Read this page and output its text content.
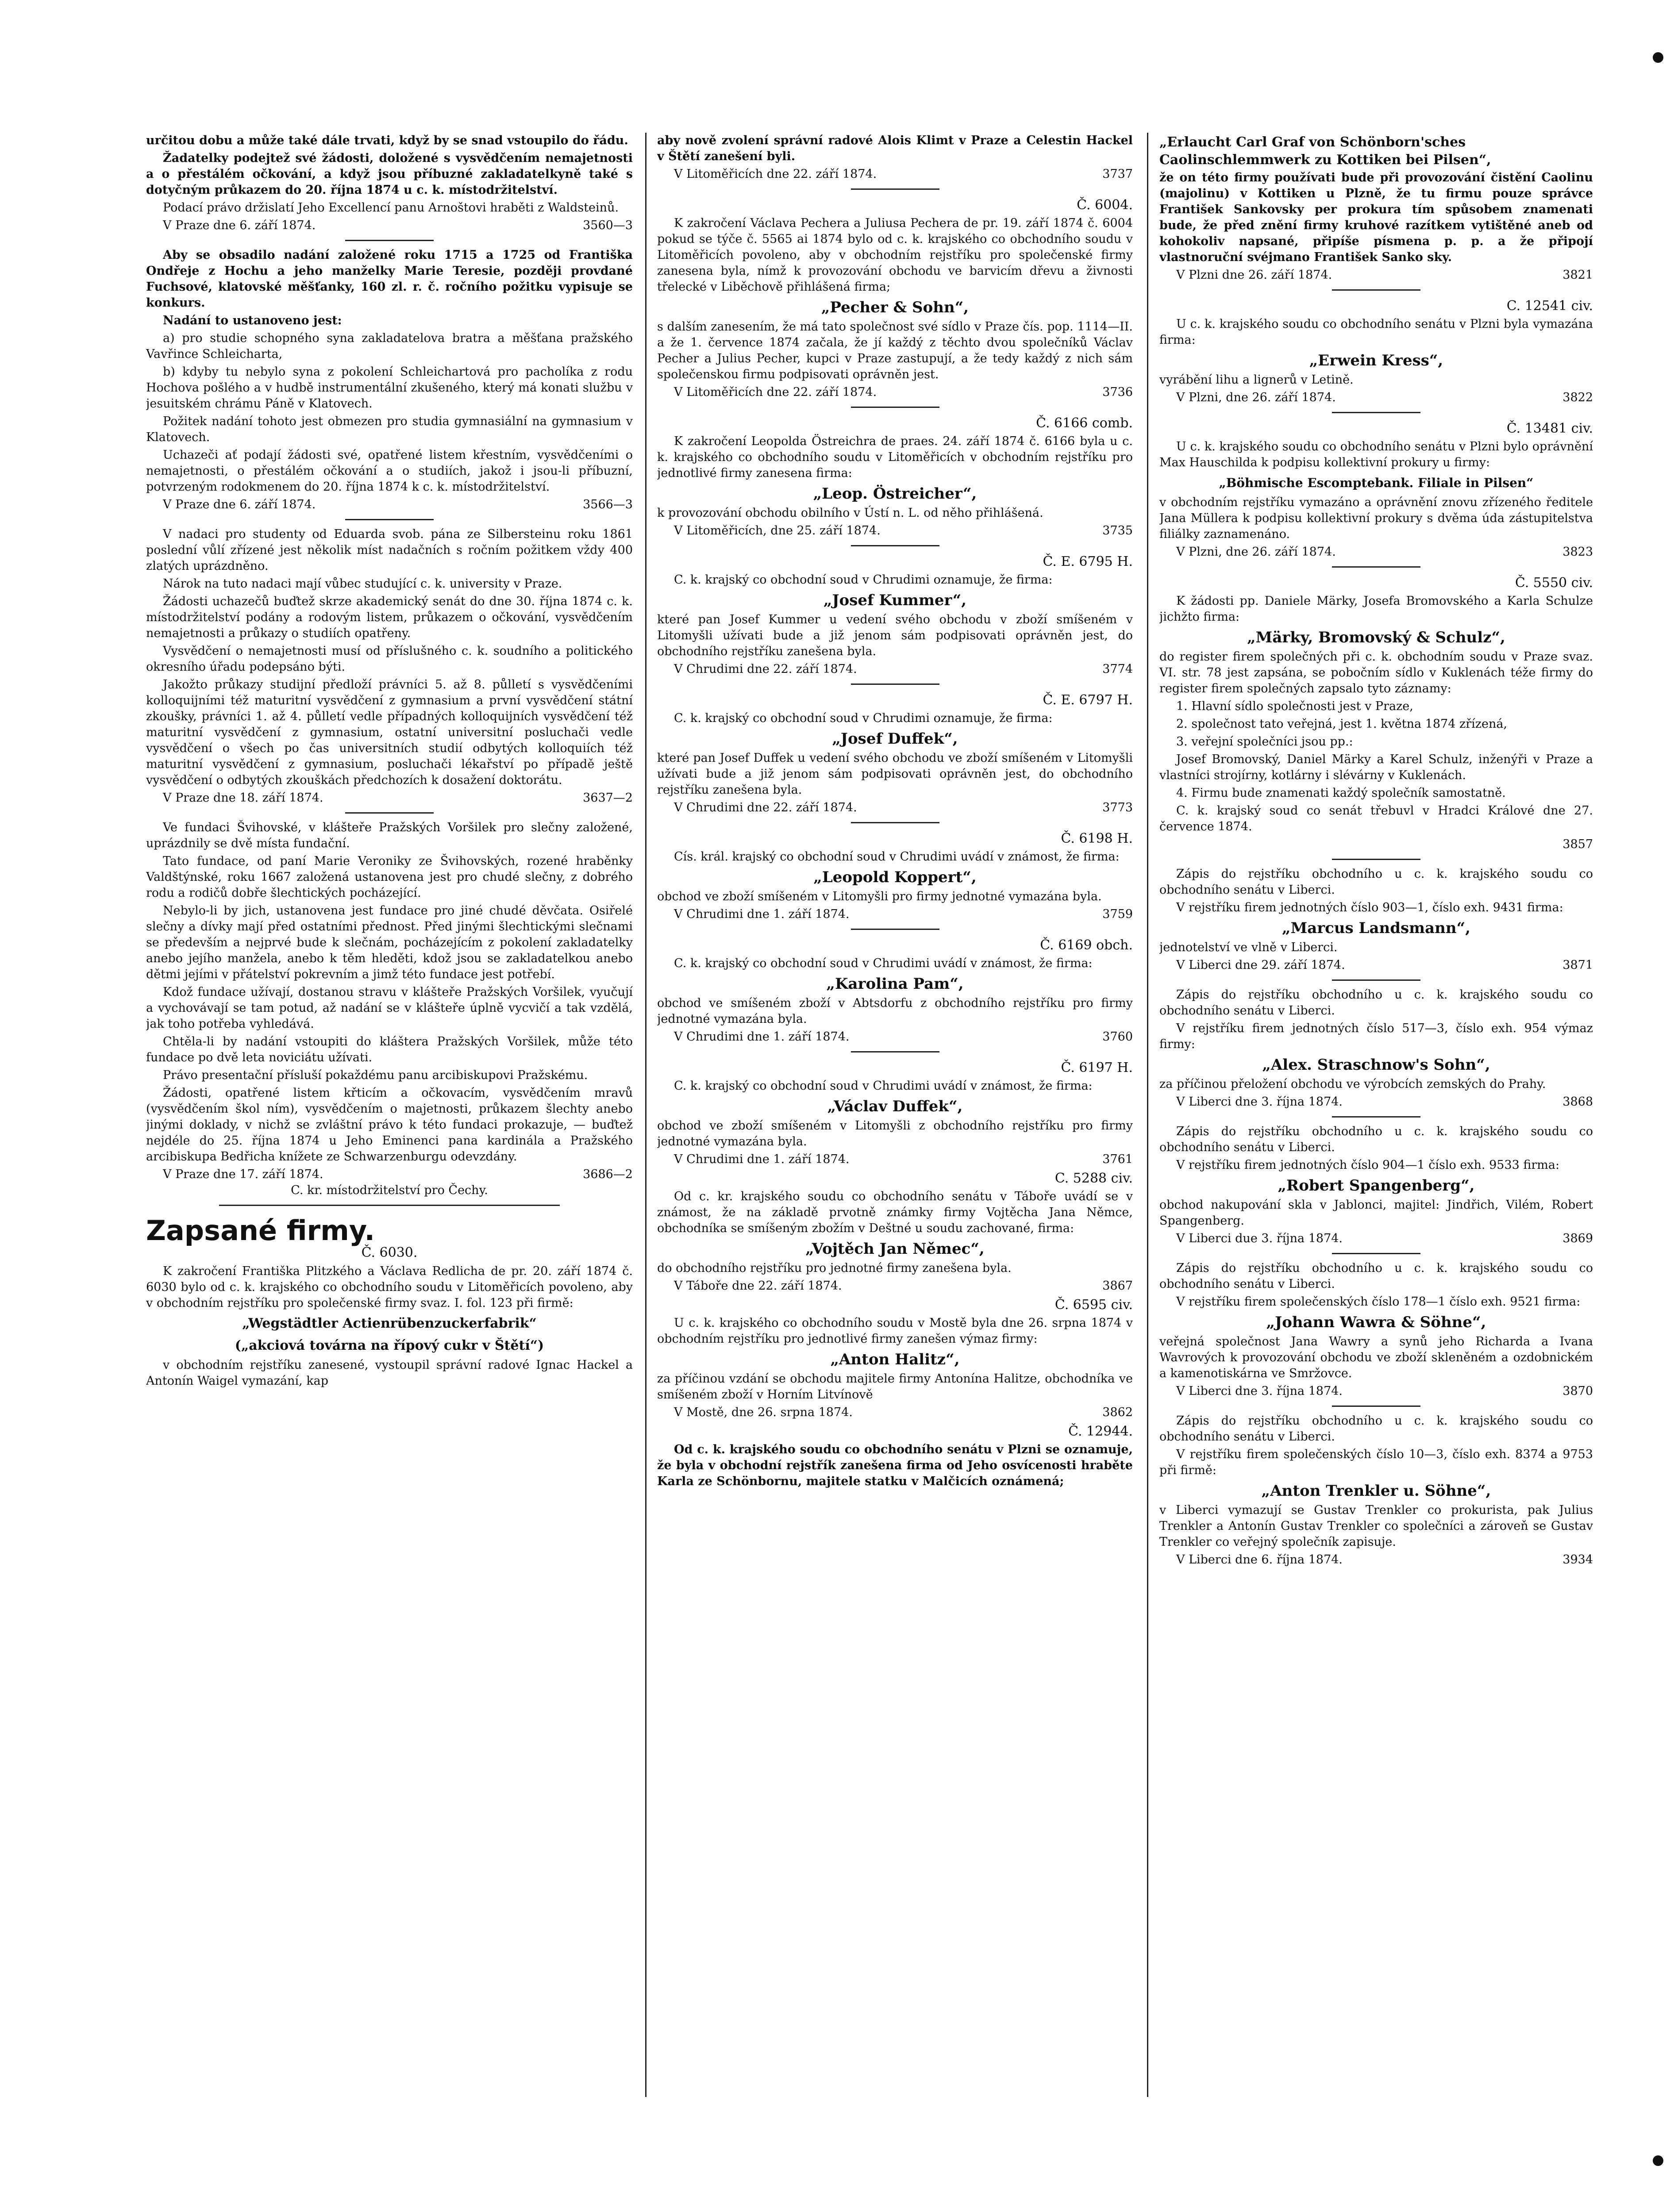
určitou dobu a může také dále trvati, když by se snad vstoupilo do řádu.

Žadatelky podejtež své žádosti, doložené s vysvědčením nemajetnosti a o přestálém očkování, a když jsou příbuzné zakladatelkyně také s dotyčným průkazem do 20. října 1874 u c. k. místodržitelství.

Podací právo držislatí Jeho Excellencí panu Arnoštovi hraběti z Waldsteinů.

V Praze dne 6. září 1874.	3560—3

Aby se obsadilo nadání založené roku 1715 a 1725 od Františka Ondřeje z Hochu a jeho manželky Marie Teresie, později provdané Fuchsové, klatovské měšťanky, 160 zl. r. č. ročního požitku vypisuje se konkurs.

Nadání to ustanoveno jest:

a) pro studie schopného syna zakladatelova bratra a měšťana pražského Vavřince Schleicharta,

b) kdyby tu nebylo syna z pokolení Schleichartová pro pacholíka z rodu Hochova pošlého a v hudbě instrumentální zkušeného, který má konati službu v jesuitském chrámu Páně v Klatovech.

Požitek nadání tohoto jest obmezen pro studia gymnasiální na gymnasium v Klatovech.

Uchazeči ať podají žádosti své, opatřené listem křestním, vysvědčeními o nemajetnosti, o přestálém očkování a o studiích, jakož i jsou-li příbuzní, potvrzeným rodokmenem do 20. října 1874 k c. k. místodržitelství.

V Praze dne 6. září 1874.	3566—3

V nadaci pro studenty od Eduarda svob. pána ze Silbersteinu roku 1861 poslední vůlí zřízené jest několik míst nadačních s ročním požitkem vždy 400 zlatých uprázdněno.

Nárok na tuto nadaci mají vůbec studující c. k. university v Praze.

Žádosti uchazečů buďtež skrze akademický senát do dne 30. října 1874 c. k. místodržitelství podány a rodovým listem, průkazem o očkování, vysvědčením nemajetnosti a průkazy o studiích opatřeny.

Vysvědčení o nemajetnosti musí od příslušného c. k. soudního a politického okresního úřadu podepsáno býti.

Jakožto průkazy studijní předloží právníci 5. až 8. půlletí s vysvědčeními kolloquijními též maturitní vysvědčení z gymnasium a první vysvědčení státní zkoušky, právníci 1. až 4. půlletí vedle případných kolloquijních vysvědčení též maturitní vysvědčení z gymnasium, ostatní universitní posluchači vedle vysvědčení o všech po čas universitních studií odbytých kolloquiích též maturitní vysvědčení z gymnasium, posluchači lékařství po případě ještě vysvědčení o odbytých zkouškách předchozích k dosažení doktorátu.

V Praze dne 18. září 1874.	3637—2

Ve fundaci Švihovské, v klášteře Pražských Voršilek pro slečny založené, uprázdnily se dvě místa fundační.

Tato fundace, od paní Marie Veroniky ze Švihovských, rozené hraběnky Valdštýnské, roku 1667 založená ustanovena jest pro chudé slečny, z dobrého rodu a rodičů dobře šlechtických pocházející.

Nebylo-li by jich, ustanovena jest fundace pro jiné chudé děvčata. Osiřelé slečny a dívky mají před ostatními přednost. Před jinými šlechtickými slečnami se především a nejprvé bude k slečnám, pocházejícím z pokolení zakladatelky anebo jejího manžela, anebo k těm hleděti, kdož jsou se zakladatelkou anebo dětmi jejími v přátelství pokrevním a jimž této fundace jest potřebí.

Kdož fundace užívají, dostanou stravu v klášteře Pražských Voršilek, vyučují a vychovávají se tam potud, až nadání se v klášteře úplně vycvičí a tak vzdělá, jak toho potřeba vyhledává.

Chtěla-li by nadání vstoupiti do kláštera Pražských Voršilek, může této fundace po dvě leta noviciátu užívati.

Právo presentační přísluší pokaždému panu arcibiskupovi Pražskému.

Žádosti, opatřené listem křticím a očkovacím, vysvědčením mravů (vysvědčením škol ním), vysvědčením o majetnosti, průkazem šlechty anebo jinými doklady, v nichž se zvláštní právo k této fundaci prokazuje, — buďtež nejdéle do 25. října 1874 u Jeho Eminenci pana kardinála a Pražského arcibiskupa Bedřicha knížete ze Schwarzenburgu odevzdány.

V Praze dne 17. září 1874.	3686—2

C. kr. místodržitelství pro Čechy.

Zapsané firmy.
Č. 6030.

K zakročení Františka Plitzkého a Václava Redlicha de pr. 20. září 1874 č. 6030 bylo od c. k. krajského co obchodního soudu v Litoměřicích povoleno, aby v obchodním rejstříku pro společenské firmy svaz. I. fol. 123 při firmě:

„Wegstädtler Actienrübenzuckerfabrik“
(„akciová továrna na řípový cukr v Štětí“)

v obchodním rejstříku zanesené, vystoupil správní radové Ignac Hackel a Antonín Waigel vymazání, kap

aby nově zvolení správní radové Alois Klimt v Praze a Celestin Hackel v Štětí zanešení byli.

V Litoměřicích dne 22. září 1874.	3737
Č. 6004.

K zakročení Václava Pechera a Juliusa Pechera de pr. 19. září 1874 č. 6004 pokud se týče č. 5565 ai 1874 bylo od c. k. krajského co obchodního soudu v Litoměřicích povoleno, aby v obchodním rejstříku pro společenské firmy zanesena byla, nímž k provozování obchodu ve barvicím dřevu a živnosti třelecké v Liběchově přihlášená firma;

„Pecher & Sohn“,

s dalším zanesením, že má tato společnost své sídlo v Praze čís. pop. 1114—II. a že 1. července 1874 začala, že jí každý z těchto dvou společníků Václav Pecher a Julius Pecher, kupci v Praze zastupují, a že tedy každý z nich sám společenskou firmu podpisovati oprávněn jest.

V Litoměřicích dne 22. září 1874.	3736
Č. 6166 comb.

K zakročení Leopolda Östreichra de praes. 24. září 1874 č. 6166 byla u c. k. krajského co obchodního soudu v Litoměřicích v obchodním rejstříku pro jednotlivé firmy zanesena firma:

„Leop. Östreicher“,

k provozování obchodu obilního v Ústí n. L. od něho přihlášená.

V Litoměřicích, dne 25. září 1874.	3735
Č. E. 6795 H.

C. k. krajský co obchodní soud v Chrudimi oznamuje, že firma:

„Josef Kummer“,

které pan Josef Kummer u vedení svého obchodu v zboží smíšeném v Litomyšli užívati bude a již jenom sám podpisovati oprávněn jest, do obchodního rejstříku zanešena byla.

V Chrudimi dne 22. září 1874.	3774
Č. E. 6797 H.

C. k. krajský co obchodní soud v Chrudimi oznamuje, že firma:

„Josef Duffek“,

které pan Josef Duffek u vedení svého obchodu ve zboží smíšeném v Litomyšli užívati bude a již jenom sám podpisovati oprávněn jest, do obchodního rejstříku zanešena byla.

V Chrudimi dne 22. září 1874.	3773
Č. 6198 H.

Cís. král. krajský co obchodní soud v Chrudimi uvádí v známost, že firma:

„Leopold Koppert“,

obchod ve zboží smíšeném v Litomyšli pro firmy jednotné vymazána byla.

V Chrudimi dne 1. září 1874.	3759
Č. 6169 obch.

C. k. krajský co obchodní soud v Chrudimi uvádí v známost, že firma:

„Karolina Pam“,

obchod ve smíšeném zboží v Abtsdorfu z obchodního rejstříku pro firmy jednotné vymazána byla.

V Chrudimi dne 1. září 1874.	3760
Č. 6197 H.

C. k. krajský co obchodní soud v Chrudimi uvádí v známost, že firma:

„Václav Duffek“,

obchod ve zboží smíšeném v Litomyšli z obchodního rejstříku pro firmy jednotné vymazána byla.

V Chrudimi dne 1. září 1874.	3761
C. 5288 civ.

Od c. kr. krajského soudu co obchodního senátu v Táboře uvádí se v známost, že na základě prvotně známky firmy Vojtěcha Jana Němce, obchodníka se smíšeným zbožím v Deštné u soudu zachované, firma:

„Vojtěch Jan Němec“,

do obchodního rejstříku pro jednotné firmy zanešena byla.

V Táboře dne 22. září 1874.	3867
Č. 6595 civ.

U c. k. krajského co obchodního soudu v Mostě byla dne 26. srpna 1874 v obchodním rejstříku pro jednotlivé firmy zanešen výmaz firmy:

„Anton Halitz“,

za příčinou vzdání se obchodu majitele firmy Antonína Halitze, obchodníka ve smíšeném zboží v Horním Litvínově

V Mostě, dne 26. srpna 1874.	3862
Č. 12944.

Od c. k. krajského soudu co obchodního senátu v Plzni se oznamuje, že byla v obchodní rejstřík zanešena firma od Jeho osvícenosti hraběte Karla ze Schönbornu, majitele statku v Malčicích oznámená;

„Erlaucht Carl Graf von Schönborn'sches Caolinschlemmwerk zu Kottiken bei Pilsen“,

že on této firmy používati bude při provozování čistění Caolinu (majolinu) v Kottiken u Plzně, že tu firmu pouze správce František Sankovsky per prokura tím spůsobem znamenati bude, že před znění firmy kruhové razítkem vytištěné aneb od kohokoliv napsané, připíše písmena p. p. a že připojí vlastnoruční svéjmano František Sanko sky.

V Plzni dne 26. září 1874.	3821
C. 12541 civ.

U c. k. krajského soudu co obchodního senátu v Plzni byla vymazána firma:

„Erwein Kress“,

vyrábění lihu a lignerů v Letině.

V Plzni, dne 26. září 1874.	3822
Č. 13481 civ.

U c. k. krajského soudu co obchodního senátu v Plzni bylo oprávnění Max Hauschilda k podpisu kollektivní prokury u firmy:

„Böhmische Escomptebank. Filiale in Pilsen“

v obchodním rejstříku vymazáno a oprávnění znovu zřízeného ředitele Jana Müllera k podpisu kollektivní prokury s dvěma úda zástupitelstva filiálky zaznamenáno.

V Plzni, dne 26. září 1874.	3823
Č. 5550 civ.

K žádosti pp. Daniele Märky, Josefa Bromovského a Karla Schulze jichžto firma:

„Märky, Bromovský & Schulz“,

do register firem společných při c. k. obchodním soudu v Praze svaz. VI. str. 78 jest zapsána, se pobočním sídlo v Kuklenách téže firmy do register firem společných zapsalo tyto záznamy:

1. Hlavní sídlo společnosti jest v Praze,

2. společnost tato veřejná, jest 1. května 1874 zřízená,

3. veřejní společníci jsou pp.:

Josef Bromovský, Daniel Märky a Karel Schulz, inženýři v Praze a vlastníci strojírny, kotlárny i slévárny v Kuklenách.

4. Firmu bude znamenati každý společník samostatně.

C. k. krajský soud co senát třebuvl v Hradci Králové dne 27. července 1874.

3857

Zápis do rejstříku obchodního u c. k. krajského soudu co obchodního senátu v Liberci.

V rejstříku firem jednotných číslo 903—1, číslo exh. 9431 firma:

„Marcus Landsmann“,

jednotelství ve vlně v Liberci.

V Liberci dne 29. září 1874.	3871

Zápis do rejstříku obchodního u c. k. krajského soudu co obchodního senátu v Liberci.

V rejstříku firem jednotných číslo 517—3, číslo exh. 954 výmaz firmy:

„Alex. Straschnow's Sohn“,

za příčinou přeložení obchodu ve výrobcích zemských do Prahy.

V Liberci dne 3. října 1874.	3868

Zápis do rejstříku obchodního u c. k. krajského soudu co obchodního senátu v Liberci.

V rejstříku firem jednotných číslo 904—1 číslo exh. 9533 firma:

„Robert Spangenberg“,

obchod nakupování skla v Jablonci, majitel: Jindřich, Vilém, Robert Spangenberg.

V Liberci due 3. října 1874.	3869

Zápis do rejstříku obchodního u c. k. krajského soudu co obchodního senátu v Liberci.

V rejstříku firem společenských číslo 178—1 číslo exh. 9521 firma:

„Johann Wawra & Söhne“,

veřejná společnost Jana Wawry a synů jeho Richarda a Ivana Wavrových k provozování obchodu ve zboží skleněném a ozdobnickém a kamenotiskárna ve Smržovce.

V Liberci dne 3. října 1874.	3870

Zápis do rejstříku obchodního u c. k. krajského soudu co obchodního senátu v Liberci.

V rejstříku firem společenských číslo 10—3, číslo exh. 8374 a 9753 při firmě:

„Anton Trenkler u. Söhne“,

v Liberci vymazují se Gustav Trenkler co prokurista, pak Julius Trenkler a Antonín Gustav Trenkler co společníci a zároveň se Gustav Trenkler co veřejný společník zapisuje.

V Liberci dne 6. října 1874.	3934
